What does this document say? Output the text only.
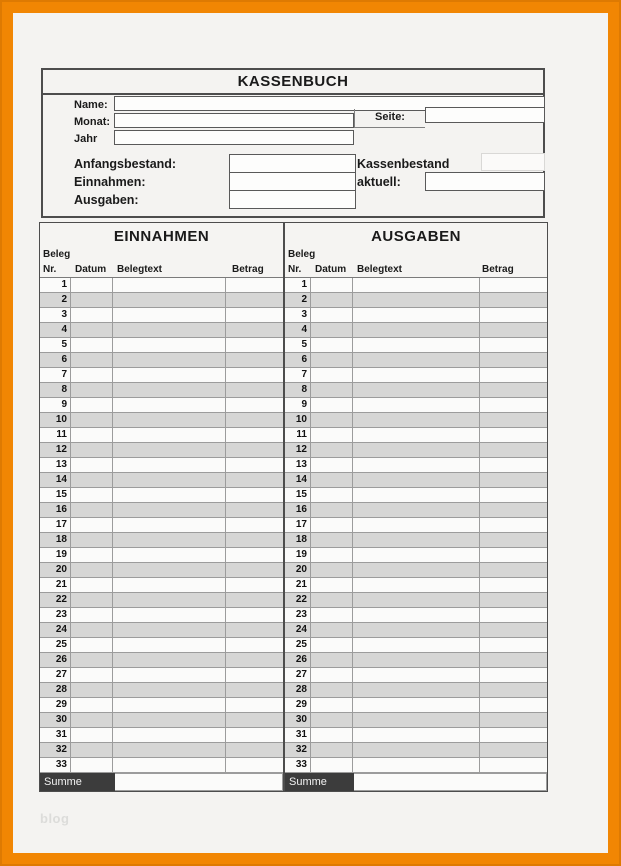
KASSENBUCH
Name:
Monat:
Jahr
Seite:
Anfangsbestand:
Einnahmen:
Ausgaben:
Kassenbestand
aktuell:
EINNAHMEN
Beleg
Nr. Datum Belegtext	Betrag
1
2
3
4
5
6
7
8
9
10
11
12
13
14
15
16
17
18
19
20
21
22
23
24
25
26
27
28
29
30
31
32
33
Summe
AUSGABEN
Beleg
Nr. Datum Belegtext	Betrag
1
2
3
4
5
6
7
8
9
10
11
12
13
14
15
16
17
18
19
20
21
22
23
24
25
26
27
28
29
30
31
32
33
Summe
blog
